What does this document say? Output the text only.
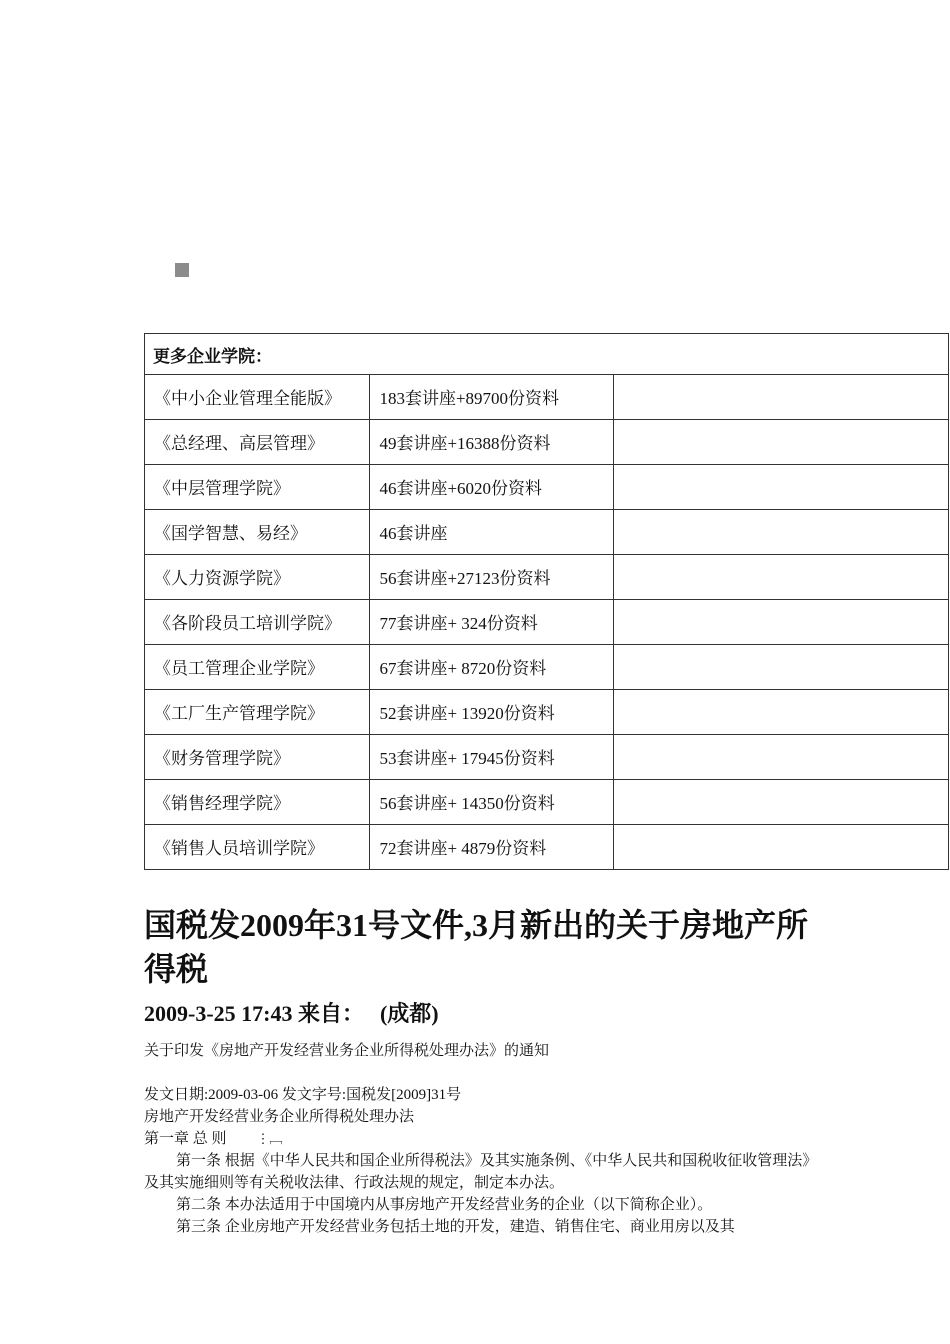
更多企业学院：		
《中小企业管理全能版》	183套讲座+89700份资料	
《总经理、高层管理》	49套讲座+16388份资料	
《中层管理学院》	46套讲座+6020份资料	
《国学智慧、易经》	46套讲座	
《人力资源学院》	56套讲座+27123份资料	
《各阶段员工培训学院》	77套讲座+ 324份资料	
《员工管理企业学院》	67套讲座+ 8720份资料	
《工厂生产管理学院》	52套讲座+ 13920份资料	
《财务管理学院》	53套讲座+ 17945份资料	
《销售经理学院》	56套讲座+ 14350份资料	
《销售人员培训学院》	72套讲座+ 4879份资料	
国税发2009年31号文件,3月新出的关于房地产所得税

2009-3-25 17:43 来自： (成都)

关于印发《房地产开发经营业务企业所得税处理办法》的通知

发文日期:2009-03-06 发文字号:国税发[2009]31号

房地产开发经营业务企业所得税处理办法

第一章 总 则 ⋮﹇

第一条 根据《中华人民共和国企业所得税法》及其实施条例、《中华人民共和国税收征收管理法》及其实施细则等有关税收法律、行政法规的规定，制定本办法。

第二条 本办法适用于中国境内从事房地产开发经营业务的企业（以下简称企业）。

第三条 企业房地产开发经营业务包括土地的开发，建造、销售住宅、商业用房以及其
